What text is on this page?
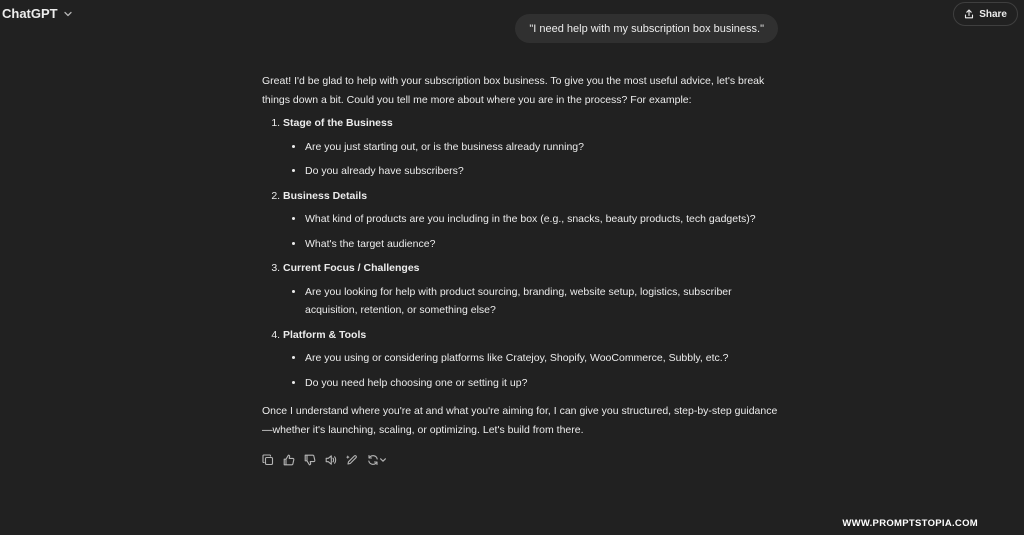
ChatGPT	Share
"I need help with my subscription box business."

Great! I'd be glad to help with your subscription box business. To give you the most useful advice, let's break things down a bit. Could you tell me more about where you are in the process? For example:

1. Stage of the Business
• Are you just starting out, or is the business already running?
• Do you already have subscribers?
2. Business Details
• What kind of products are you including in the box (e.g., snacks, beauty products, tech gadgets)?
• What's the target audience?
3. Current Focus / Challenges
• Are you looking for help with product sourcing, branding, website setup, logistics, subscriber acquisition, retention, or something else?
4. Platform & Tools
• Are you using or considering platforms like Cratejoy, Shopify, WooCommerce, Subbly, etc.?
• Do you need help choosing one or setting it up?

Once I understand where you're at and what you're aiming for, I can give you structured, step-by-step guidance—whether it's launching, scaling, or optimizing. Let's build from there.

WWW.PROMPTSTOPIA.COM
